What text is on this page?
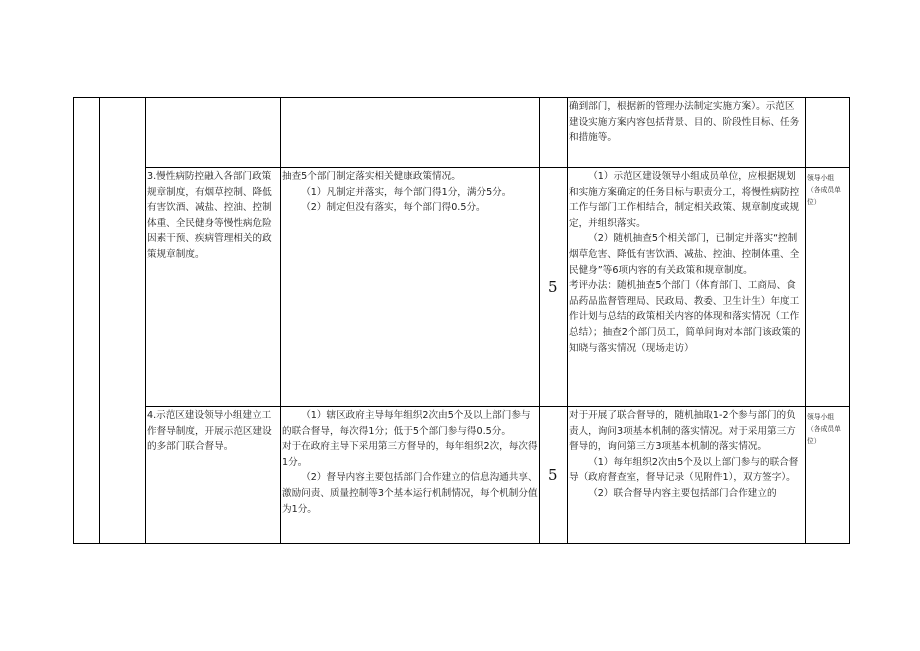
确到部门，根据新的管理办法制定实施方案）。示范区建设实施方案内容包括背景、目的、阶段性目标、任务和措施等。

3.慢性病防控融入各部门政策规章制度，有烟草控制、降低有害饮酒、减盐、控油、控制体重、全民健身等慢性病危险因素干预、疾病管理相关的政策规章制度。

抽查5个部门制定落实相关健康政策情况。

（1）凡制定并落实，每个部门得1分，满分5分。

（2）制定但没有落实，每个部门得0.5分。

5

（1）示范区建设领导小组成员单位，应根据规划和实施方案确定的任务目标与职责分工，将慢性病防控工作与部门工作相结合，制定相关政策、规章制度或规定，并组织落实。

（2）随机抽查5个相关部门，已制定并落实“控制烟草危害、降低有害饮酒、减盐、控油、控制体重、全民健身”等6项内容的有关政策和规章制度。

考评办法：随机抽查5个部门（体育部门、工商局、食品药品监督管理局、民政局、教委、卫生计生）年度工作计划与总结的政策相关内容的体现和落实情况（工作总结）；抽查2个部门员工，简单问询对本部门该政策的知晓与落实情况（现场走访）

领导小组（各成员单位）

4.示范区建设领导小组建立工作督导制度，开展示范区建设的多部门联合督导。

（1）辖区政府主导每年组织2次由5个及以上部门参与的联合督导，每次得1分；低于5个部门参与得0.5分。

对于在政府主导下采用第三方督导的，每年组织2次，每次得1分。

（2）督导内容主要包括部门合作建立的信息沟通共享、激励问责、质量控制等3个基本运行机制情况，每个机制分值为1分。

5

对于开展了联合督导的，随机抽取1-2个参与部门的负责人，询问3项基本机制的落实情况。对于采用第三方督导的，询问第三方3项基本机制的落实情况。

（1）每年组织2次由5个及以上部门参与的联合督导（政府督查室，督导记录（见附件1），双方签字）。

（2）联合督导内容主要包括部门合作建立的

领导小组（各成员单位）
